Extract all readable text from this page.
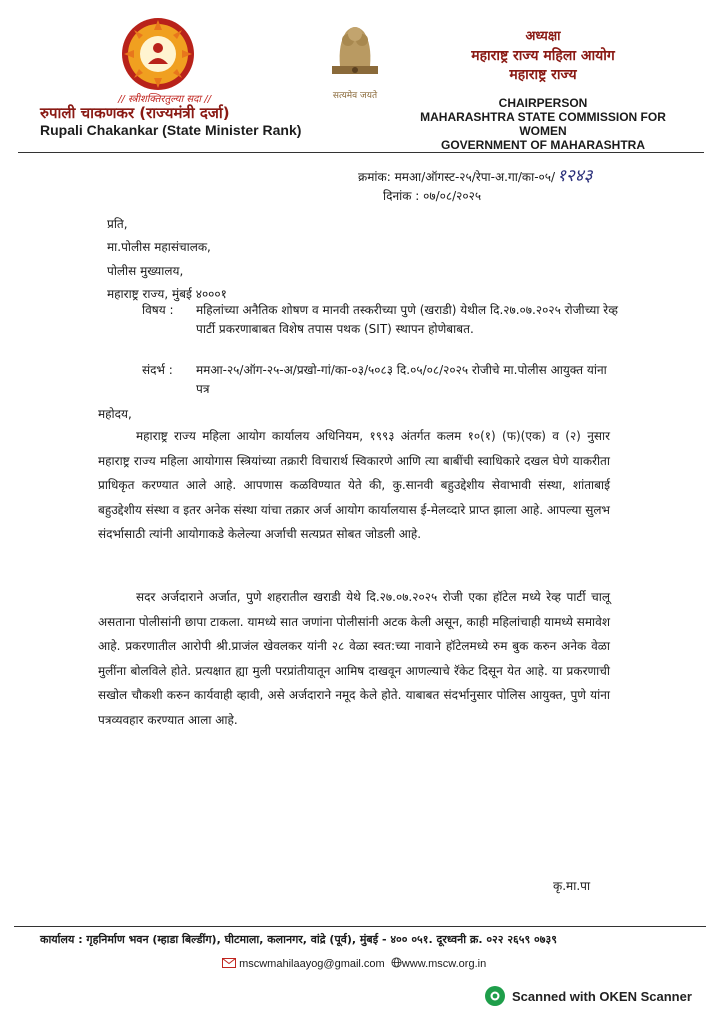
// स्त्रीशक्तिरतुल्या सदा //
रुपाली चाकणकर (राज्यमंत्री दर्जा)
Rupali Chakankar (State Minister Rank)
सत्यमेव जयते
अध्यक्षा
महाराष्ट्र राज्य महिला आयोग
महाराष्ट्र राज्य
CHAIRPERSON
MAHARASHTRA STATE COMMISSION FOR WOMEN
GOVERNMENT OF MAHARASHTRA
क्रमांक: ममआ/ऑगस्ट-२५/रेपा-अ.गा/का-०५/ १२४३
दिनांक : ०७/०८/२०२५
प्रति,
मा.पोलीस महासंचालक,
पोलीस मुख्यालय,
महाराष्ट्र राज्य, मुंबई ४०००१
विषय :	महिलांच्या अनैतिक शोषण व मानवी तस्करीच्या पुणे (खराडी) येथील दि.२७.०७.२०२५ रोजीच्या रेव्ह पार्टी प्रकरणाबाबत विशेष तपास पथक (SIT) स्थापन होणेबाबत.
संदर्भ :	ममआ-२५/ऑग-२५-अ/प्रखो-गां/का-०३/५०८३ दि.०५/०८/२०२५ रोजीचे मा.पोलीस आयुक्त यांना पत्र
महोदय,
महाराष्ट्र राज्य महिला आयोग कार्यालय अधिनियम, १९९३ अंतर्गत कलम १०(१) (फ)(एक) व (२) नुसार महाराष्ट्र राज्य महिला आयोगास स्त्रियांच्या तक्रारी विचारार्थ स्विकारणे आणि त्या बाबींची स्वाधिकारे दखल घेणे याकरीता प्राधिकृत करण्यात आले आहे. आपणास कळविण्यात येते की, कु.सानवी बहुउद्देशीय सेवाभावी संस्था, शांताबाई बहुउद्देशीय संस्था व इतर अनेक संस्था यांचा तक्रार अर्ज आयोग कार्यालयास ई-मेलव्दारे प्राप्त झाला आहे. आपल्या सुलभ संदर्भासाठी त्यांनी आयोगाकडे केलेल्या अर्जाची सत्यप्रत सोबत जोडली आहे.
सदर अर्जदाराने अर्जात, पुणे शहरातील खराडी येथे दि.२७.०७.२०२५ रोजी एका हॉटेल मध्ये रेव्ह पार्टी चालू असताना पोलीसांनी छापा टाकला. यामध्ये सात जणांना पोलीसांनी अटक केली असून, काही महिलांचाही यामध्ये समावेश आहे. प्रकरणातील आरोपी श्री.प्राजंल खेवलकर यांनी २८ वेळा स्वत:च्या नावाने हॉटेलमध्ये रुम बुक करुन अनेक वेळा मुलींना बोलविले होते. प्रत्यक्षात ह्या मुली परप्रांतीयातून आमिष दाखवून आणल्याचे रॅकेट दिसून येत आहे. या प्रकरणाची सखोल चौकशी करुन कार्यवाही व्हावी, असे अर्जदाराने नमूद केले होते. याबाबत संदर्भानुसार पोलिस आयुक्त, पुणे यांना पत्रव्यवहार करण्यात आला आहे.
कृ.मा.पा
कार्यालय : गृहनिर्माण भवन (म्हाडा बिल्डींग), घीटमाला, कलानगर, वांद्रे (पूर्व), मुंबई - ४०० ०५१. दूरध्वनी क्र. ०२२ २६५९ ०७३९
mscwmahilaayog@gmail.com www.mscw.org.in
Scanned with OKEN Scanner
